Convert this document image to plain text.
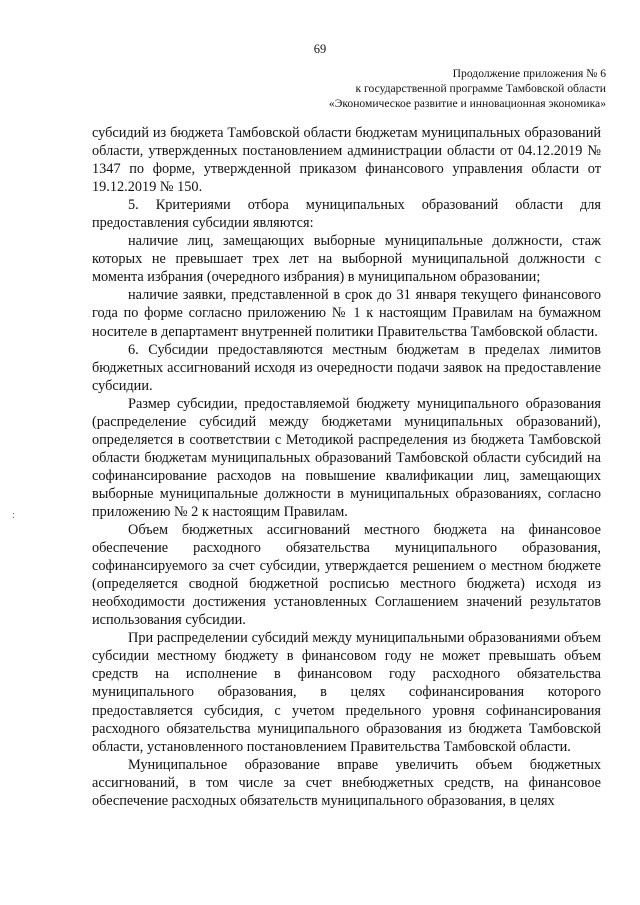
69
Продолжение приложения № 6
к государственной программе Тамбовской области
«Экономическое развитие и инновационная экономика»
:

субсидий из бюджета Тамбовской области бюджетам муниципальных образований области, утвержденных постановлением администрации области от 04.12.2019 № 1347 по форме, утвержденной приказом финансового управления области от 19.12.2019 № 150.

5. Критериями отбора муниципальных образований области для предоставления субсидии являются:

наличие лиц, замещающих выборные муниципальные должности, стаж которых не превышает трех лет на выборной муниципальной должности с момента избрания (очередного избрания) в муниципальном образовании;

наличие заявки, представленной в срок до 31 января текущего финансового года по форме согласно приложению № 1 к настоящим Правилам на бумажном носителе в департамент внутренней политики Правительства Тамбовской области.

6. Субсидии предоставляются местным бюджетам в пределах лимитов бюджетных ассигнований исходя из очередности подачи заявок на предоставление субсидии.

Размер субсидии, предоставляемой бюджету муниципального образования (распределение субсидий между бюджетами муниципальных образований), определяется в соответствии с Методикой распределения из бюджета Тамбовской области бюджетам муниципальных образований Тамбовской области субсидий на софинансирование расходов на повышение квалификации лиц, замещающих выборные муниципальные должности в муниципальных образованиях, согласно приложению № 2 к настоящим Правилам.

Объем бюджетных ассигнований местного бюджета на финансовое обеспечение расходного обязательства муниципального образования, софинансируемого за счет субсидии, утверждается решением о местном бюджете (определяется сводной бюджетной росписью местного бюджета) исходя из необходимости достижения установленных Соглашением значений результатов использования субсидии.

При распределении субсидий между муниципальными образованиями объем субсидии местному бюджету в финансовом году не может превышать объем средств на исполнение в финансовом году расходного обязательства муниципального образования, в целях софинансирования которого предоставляется субсидия, с учетом предельного уровня софинансирования расходного обязательства муниципального образования из бюджета Тамбовской области, установленного постановлением Правительства Тамбовской области.

Муниципальное образование вправе увеличить объем бюджетных ассигнований, в том числе за счет внебюджетных средств, на финансовое обеспечение расходных обязательств муниципального образования, в целях
